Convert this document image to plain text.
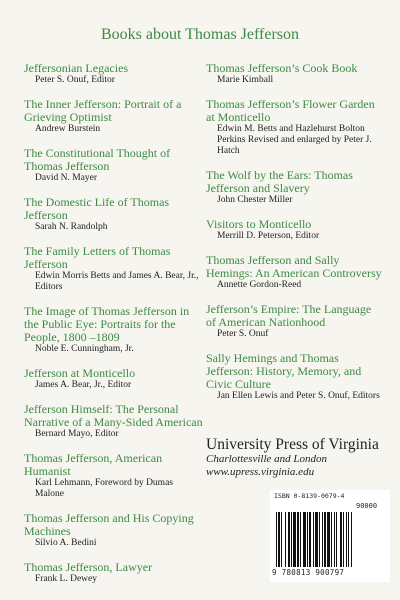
Books about Thomas Jefferson
Jeffersonian Legacies
Peter S. Onuf, Editor
The Inner Jefferson: Portrait of a Grieving Optimist
Andrew Burstein
The Constitutional Thought of Thomas Jefferson
David N. Mayer
The Domestic Life of Thomas Jefferson
Sarah N. Randolph
The Family Letters of Thomas Jefferson
Edwin Morris Betts and James A. Bear, Jr., Editors
The Image of Thomas Jefferson in the Public Eye: Portraits for the People, 1800 –1809
Noble E. Cunningham, Jr.
Jefferson at Monticello
James A. Bear, Jr., Editor
Jefferson Himself: The Personal Narrative of a Many-Sided American
Bernard Mayo, Editor
Thomas Jefferson, American Humanist
Karl Lehmann, Foreword by Dumas Malone
Thomas Jefferson and His Copying Machines
Silvio A. Bedini
Thomas Jefferson, Lawyer
Frank L. Dewey
Thomas Jefferson’s Cook Book
Marie Kimball
Thomas Jefferson’s Flower Garden at Monticello
Edwin M. Betts and Hazlehurst Bolton Perkins Revised and enlarged by Peter J. Hatch
The Wolf by the Ears: Thomas Jefferson and Slavery
John Chester Miller
Visitors to Monticello
Merrill D. Peterson, Editor
Thomas Jefferson and Sally Hemings: An American Controversy
Annette Gordon-Reed
Jefferson’s Empire: The Language of American Nationhood
Peter S. Onuf
Sally Hemings and Thomas Jefferson: History, Memory, and Civic Culture
Jan Ellen Lewis and Peter S. Onuf, Editors
University Press of Virginia
Charlottesville and London
www.upress.virginia.edu
ISBN 0-8139-0079-4
90000
9 780813 900797
